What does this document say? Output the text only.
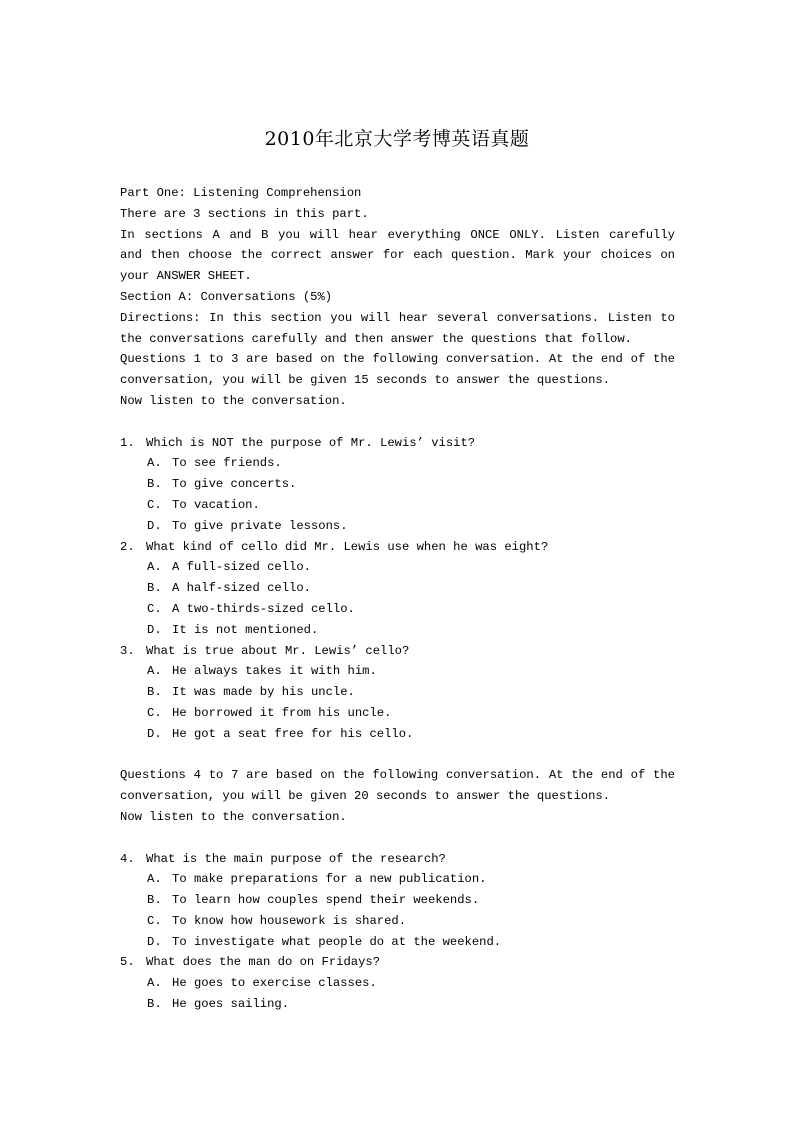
2010年北京大学考博英语真题

Part One: Listening Comprehension

There are 3 sections in this part.

In sections A and B you will hear everything ONCE ONLY. Listen carefully and then choose the correct answer for each question. Mark your choices on your ANSWER SHEET.

Section A: Conversations (5%)

Directions: In this section you will hear several conversations. Listen to the conversations carefully and then answer the questions that follow.

Questions 1 to 3 are based on the following conversation. At the end of the conversation, you will be given 15 seconds to answer the questions.

Now listen to the conversation.

1. Which is NOT the purpose of Mr. Lewis’ visit?

A. To see friends.

B. To give concerts.

C. To vacation.

D. To give private lessons.

2. What kind of cello did Mr. Lewis use when he was eight?

A. A full-sized cello.

B. A half-sized cello.

C. A two-thirds-sized cello.

D. It is not mentioned.

3. What is true about Mr. Lewis’ cello?

A. He always takes it with him.

B. It was made by his uncle.

C. He borrowed it from his uncle.

D. He got a seat free for his cello.

Questions 4 to 7 are based on the following conversation. At the end of the conversation, you will be given 20 seconds to answer the questions.

Now listen to the conversation.

4. What is the main purpose of the research?

A. To make preparations for a new publication.

B. To learn how couples spend their weekends.

C. To know how housework is shared.

D. To investigate what people do at the weekend.

5. What does the man do on Fridays?

A. He goes to exercise classes.

B. He goes sailing.
